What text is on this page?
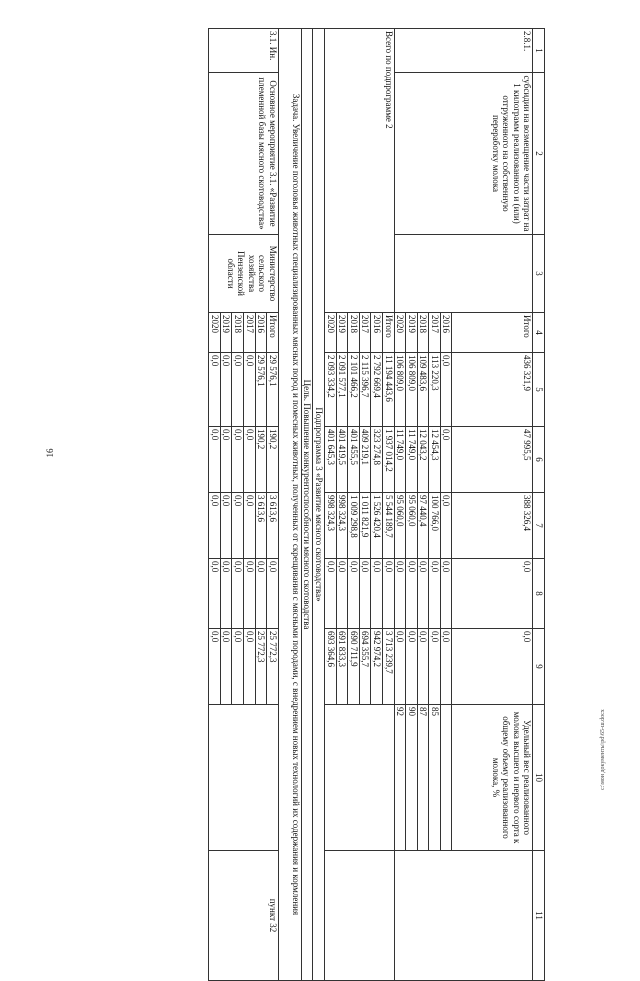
16
c:\мои документы\pd\65-ш.docx
1	2	3	4	5	6	7	8	9	10	11
2.8.1.	субсидии на возмещение части затрат на 1 килограмм реализованного и (или) отгруженного на собственную переработку молока		Итого	436 321,9	47 995,5	388 326,4	0,0	0,0	Удельный вес реализованного молока высшего и первого сорта к общему объему реализованного молока, %	
			2016	0,0	0,0	0,0	0,0	0,0		
			2017	113 220,3	12 454,3	100 766,0	0,0	0,0	85	
			2018	109 483,6	12 043,2	97 440,4	0,0	0,0	87	
			2019	106 809,0	11 749,0	95 060,0	0,0	0,0	90	
			2020	106 809,0	11 749,0	95 060,0	0,0	0,0	92	
Всего по подпрограмме 2			Итого	11 194 443,6	1 937 014,2	5 544 189,7	0,0	3 713 239,7		
			2016	2 792 669,4	323 274,8	1 526 420,4	0,0	942 974,2		
			2017	2 115 396,7	409 219,1	1 011 821,9	0,0	694 355,7		
			2018	2 101 466,2	401 455,5	1 009 298,8	0,0	690 711,9		
			2019	2 091 577,1	401 419,5	998 324,3	0,0	691 833,3		
			2020	2 093 334,2	401 645,3	998 324,3	0,0	693 364,6		
Подпрограмма 3 «Развитие мясного скотоводства»										
Цель. Повышение конкурентоспособности мясного скотоводства										
Задача. Увеличение поголовья животных специализированных мясных пород и помесных животных, полученных от скрещивания с мясными породами, с внедрением новых технологий их содержания и кормления										
3.1. Ин.	Основное мероприятие 3.1. «Развитие племенной базы мясного скотоводства»	Министерство сельского хозяйства Пензенской области	Итого	29 576,1	190,2	3 613,6	0,0	25 772,3		пункт 32
			2016	29 576,1	190,2	3 613,6	0,0	25 772,3		
			2017	0,0	0,0	0,0	0,0	0,0		
			2018	0,0	0,0	0,0	0,0	0,0		
			2019	0,0	0,0	0,0	0,0	0,0		
			2020	0,0	0,0	0,0	0,0	0,0		
